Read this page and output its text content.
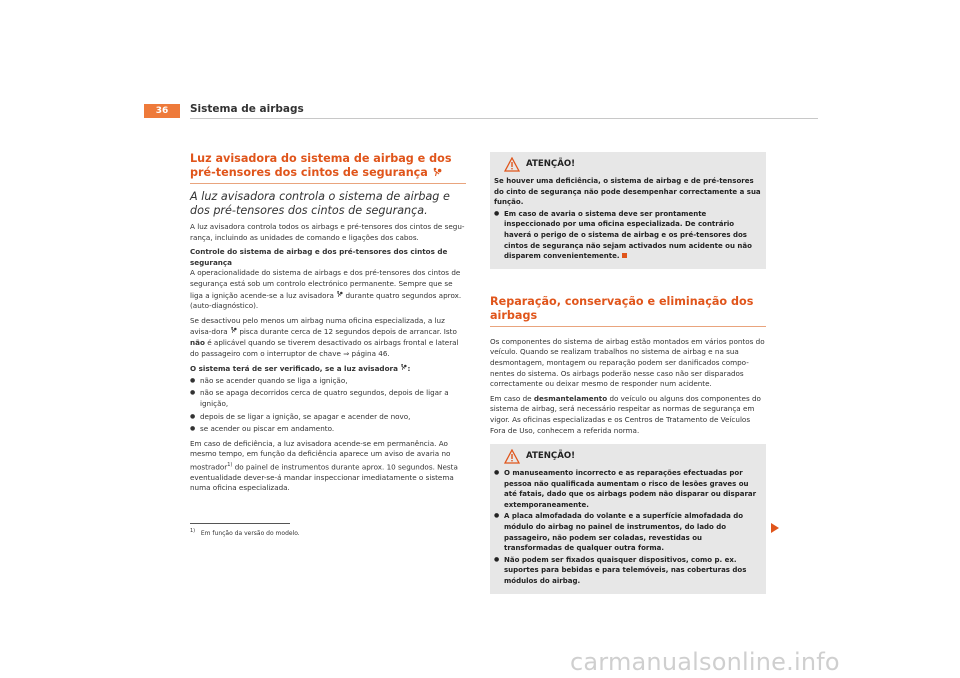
36	Sistema de airbags
Luz avisadora do sistema de airbag e dos pré-tensores dos cintos de segurança
A luz avisadora controla o sistema de airbag e dos pré-tensores dos cintos de segurança.

A luz avisadora controla todos os airbags e pré-tensores dos cintos de segu-rança, incluindo as unidades de comando e ligações dos cabos.

Controle do sistema de airbag e dos pré-tensores dos cintos de segurança

A operacionalidade do sistema de airbags e dos pré-tensores dos cintos de segurança está sob um controlo electrónico permanente. Sempre que se liga a ignição acende-se a luz avisadora durante quatro segundos aprox. (auto-diagnóstico).

Se desactivou pelo menos um airbag numa oficina especializada, a luz avisa-dora pisca durante cerca de 12 segundos depois de arrancar. Isto não é aplicável quando se tiverem desactivado os airbags frontal e lateral do passageiro com o interruptor de chave ⇒ página 46.

O sistema terá de ser verificado, se a luz avisadora :
● não se acender quando se liga a ignição,
● não se apaga decorridos cerca de quatro segundos, depois de ligar a ignição,
● depois de se ligar a ignição, se apagar e acender de novo,
● se acender ou piscar em andamento.

Em caso de deficiência, a luz avisadora acende-se em permanência. Ao mesmo tempo, em função da deficiência aparece um aviso de avaria no mostrador$^{1)}$ do painel de instrumentos durante aprox. 10 segundos. Nesta eventualidade dever-se-á mandar inspeccionar imediatamente o sistema numa oficina especializada.

$^{1)}$ Em função da versão do modelo.
ATENÇÃO!
Se houver uma deficiência, o sistema de airbag e de pré-tensores do cinto de segurança não pode desempenhar correctamente a sua função.
● Em caso de avaria o sistema deve ser prontamente inspeccionado por uma oficina especializada. De contrário haverá o perigo de o sistema de airbag e os pré-tensores dos cintos de segurança não sejam activados num acidente ou não disparem convenientemente.
Reparação, conservação e eliminação dos airbags

Os componentes do sistema de airbag estão montados em vários pontos do veículo. Quando se realizam trabalhos no sistema de airbag e na sua desmontagem, montagem ou reparação podem ser danificados compo-nentes do sistema. Os airbags poderão nesse caso não ser disparados correctamente ou deixar mesmo de responder num acidente.

Em caso de desmantelamento do veículo ou alguns dos componentes do sistema de airbag, será necessário respeitar as normas de segurança em vigor. As oficinas especializadas e os Centros de Tratamento de Veículos Fora de Uso, conhecem a referida norma.

ATENÇÃO!
● O manuseamento incorrecto e as reparações efectuadas por pessoa não qualificada aumentam o risco de lesões graves ou até fatais, dado que os airbags podem não disparar ou disparar extemporaneamente.
● A placa almofadada do volante e a superfície almofadada do módulo do airbag no painel de instrumentos, do lado do passageiro, não podem ser coladas, revestidas ou transformadas de qualquer outra forma.
● Não podem ser fixados quaisquer dispositivos, como p. ex. suportes para bebidas e para telemóveis, nas coberturas dos módulos do airbag.
carmanualsonline.info
